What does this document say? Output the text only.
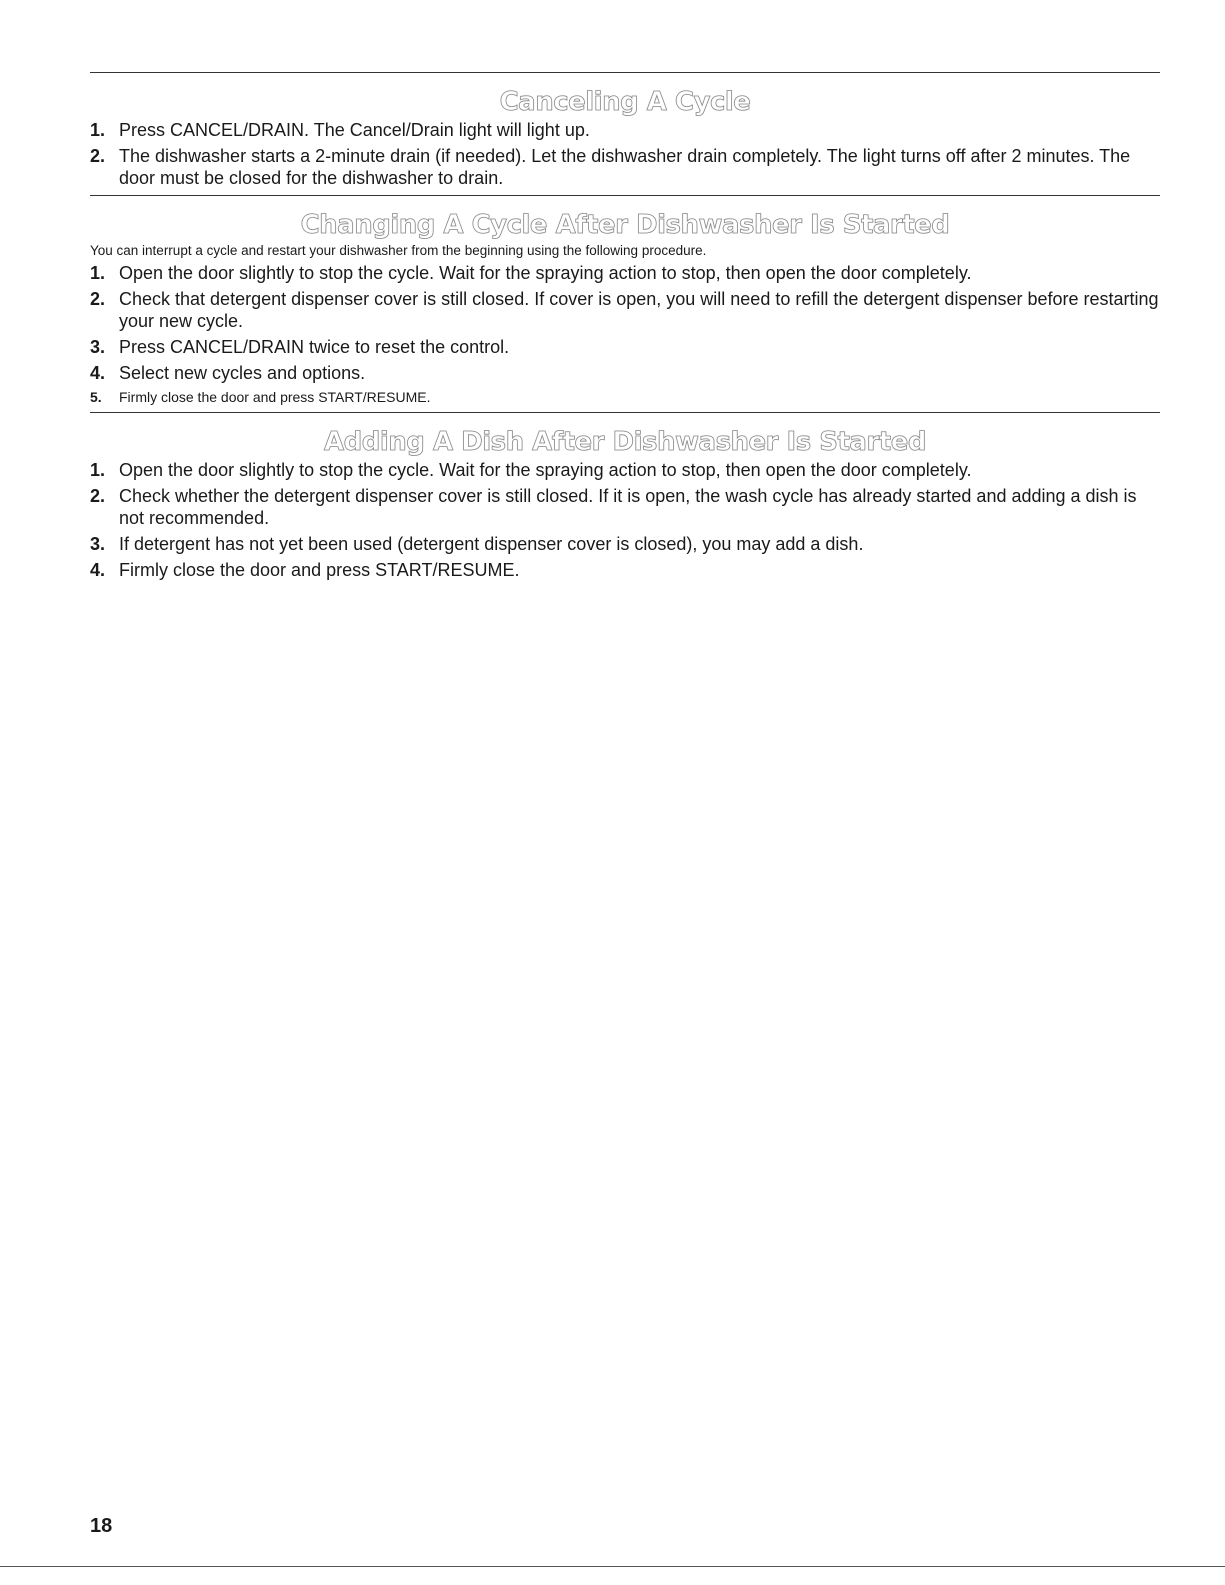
Canceling A Cycle
1. Press CANCEL/DRAIN. The Cancel/Drain light will light up.
2. The dishwasher starts a 2-minute drain (if needed). Let the dishwasher drain completely. The light turns off after 2 minutes. The door must be closed for the dishwasher to drain.
Changing A Cycle After Dishwasher Is Started
You can interrupt a cycle and restart your dishwasher from the beginning using the following procedure.
1. Open the door slightly to stop the cycle. Wait for the spraying action to stop, then open the door completely.
2. Check that detergent dispenser cover is still closed. If cover is open, you will need to refill the detergent dispenser before restarting your new cycle.
3. Press CANCEL/DRAIN twice to reset the control.
4. Select new cycles and options.
5. Firmly close the door and press START/RESUME.
Adding A Dish After Dishwasher Is Started
1. Open the door slightly to stop the cycle. Wait for the spraying action to stop, then open the door completely.
2. Check whether the detergent dispenser cover is still closed. If it is open, the wash cycle has already started and adding a dish is not recommended.
3. If detergent has not yet been used (detergent dispenser cover is closed), you may add a dish.
4. Firmly close the door and press START/RESUME.
18
